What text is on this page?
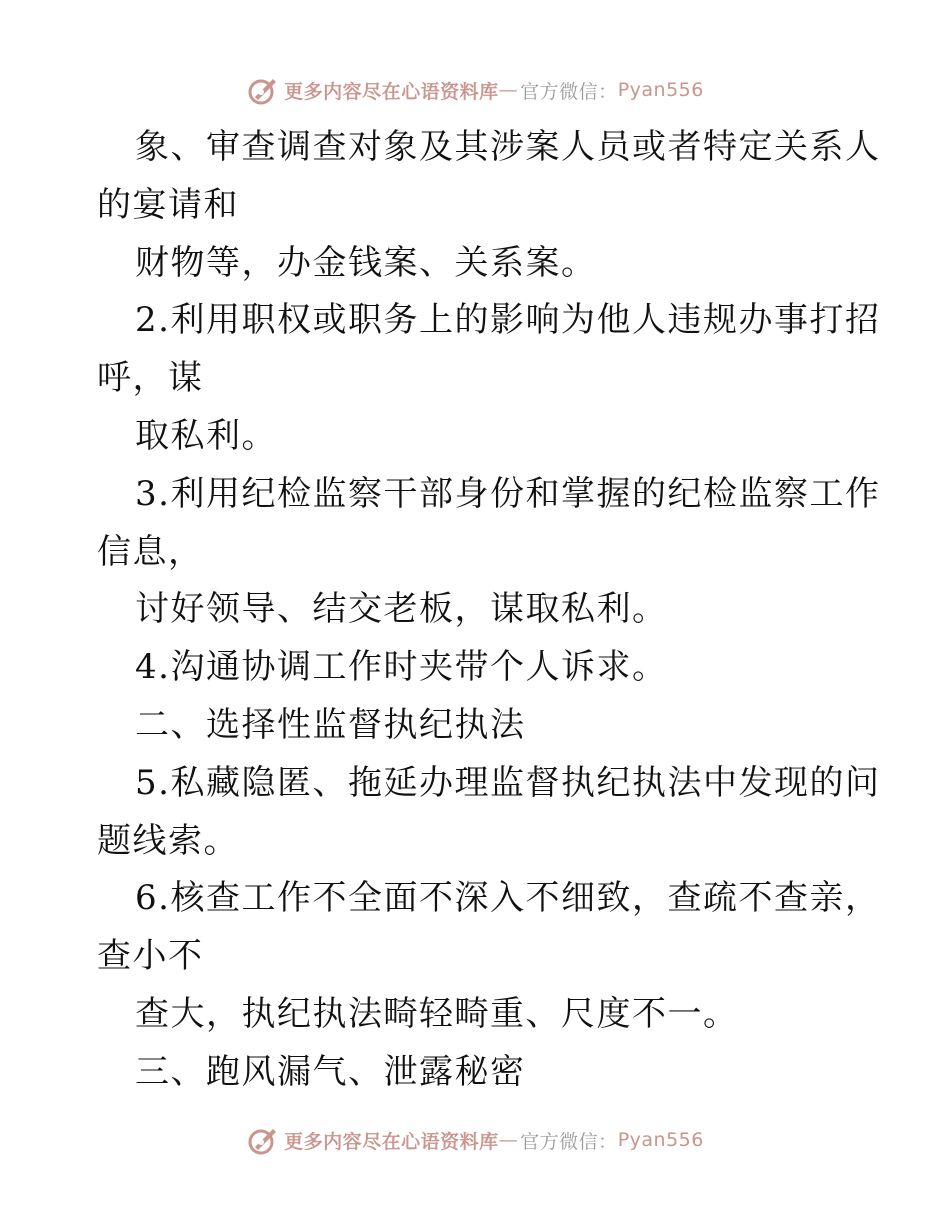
更多内容尽在心语资料库 — 官方微信： Pyan556

象、审查调查对象及其涉案人员或者特定关系人

的宴请和

财物等，办金钱案、关系案。

2.利用职权或职务上的影响为他人违规办事打招

呼，谋

取私利。

3.利用纪检监察干部身份和掌握的纪检监察工作

信息，

讨好领导、结交老板，谋取私利。

4.沟通协调工作时夹带个人诉求。

二、选择性监督执纪执法

5.私藏隐匿、拖延办理监督执纪执法中发现的问

题线索。

6.核查工作不全面不深入不细致，查疏不查亲，

查小不

查大，执纪执法畸轻畸重、尺度不一。

三、跑风漏气、泄露秘密

更多内容尽在心语资料库 — 官方微信： Pyan556
